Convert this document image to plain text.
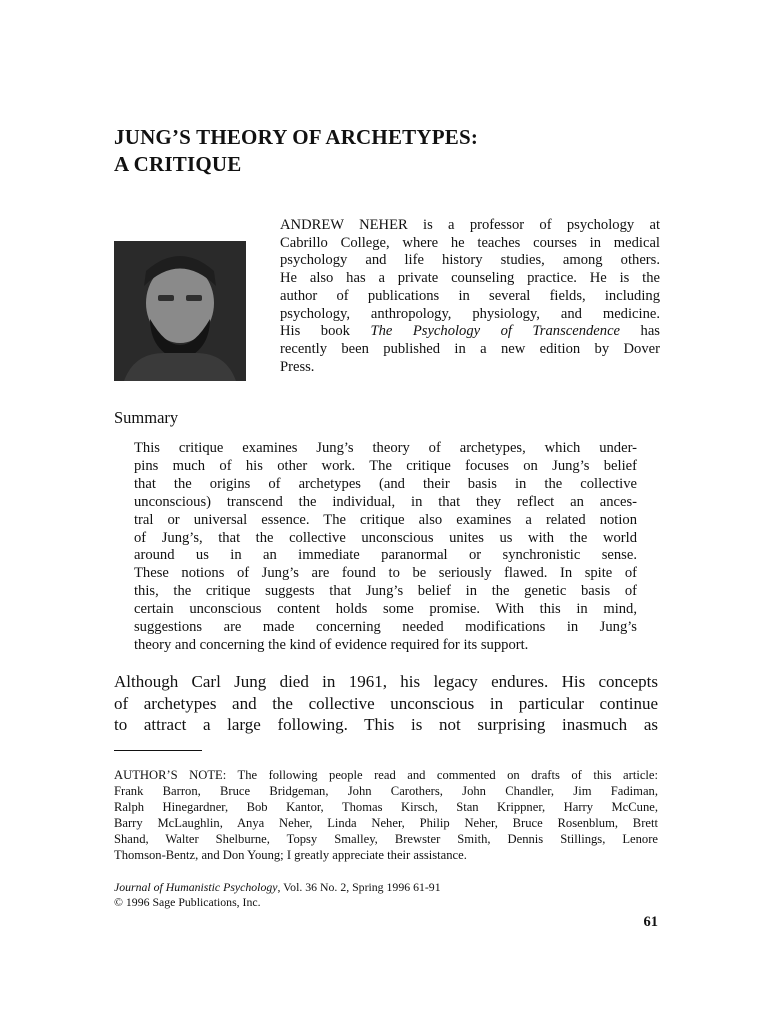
JUNG’S THEORY OF ARCHETYPES:
A CRITIQUE
ANDREW NEHER is a professor of psychology at
Cabrillo College, where he teaches courses in medical
psychology and life history studies, among others.
He also has a private counseling practice. He is the
author of publications in several fields, including
psychology, anthropology, physiology, and medicine.
His book The Psychology of Transcendence has
recently been published in a new edition by Dover
Press.
Summary
This critique examines Jung’s theory of archetypes, which under-
pins much of his other work. The critique focuses on Jung’s belief
that the origins of archetypes (and their basis in the collective
unconscious) transcend the individual, in that they reflect an ances-
tral or universal essence. The critique also examines a related notion
of Jung’s, that the collective unconscious unites us with the world
around us in an immediate paranormal or synchronistic sense.
These notions of Jung’s are found to be seriously flawed. In spite of
this, the critique suggests that Jung’s belief in the genetic basis of
certain unconscious content holds some promise. With this in mind,
suggestions are made concerning needed modifications in Jung’s
theory and concerning the kind of evidence required for its support.
Although Carl Jung died in 1961, his legacy endures. His concepts
of archetypes and the collective unconscious in particular continue
to attract a large following. This is not surprising inasmuch as
AUTHOR’S NOTE: The following people read and commented on drafts of this article:
Frank Barron, Bruce Bridgeman, John Carothers, John Chandler, Jim Fadiman,
Ralph Hinegardner, Bob Kantor, Thomas Kirsch, Stan Krippner, Harry McCune,
Barry McLaughlin, Anya Neher, Linda Neher, Philip Neher, Bruce Rosenblum, Brett
Shand, Walter Shelburne, Topsy Smalley, Brewster Smith, Dennis Stillings, Lenore
Thomson-Bentz, and Don Young; I greatly appreciate their assistance.
Journal of Humanistic Psychology, Vol. 36 No. 2, Spring 1996 61-91
© 1996 Sage Publications, Inc.
61
